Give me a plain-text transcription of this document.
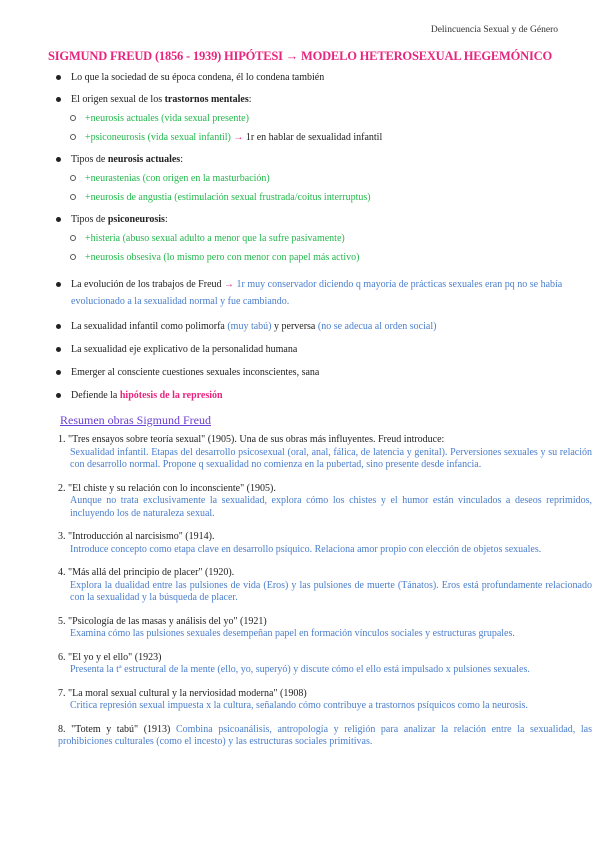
Delincuencia Sexual y de Género
SIGMUND FREUD (1856 - 1939) HIPÓTESI → MODELO HETEROSEXUAL HEGEMÓNICO
Lo que la sociedad de su época condena, él lo condena también
El origen sexual de los trastornos mentales:
+neurosis actuales (vida sexual presente)
+psiconeurosis (vida sexual infantil) → 1r en hablar de sexualidad infantil
Tipos de neurosis actuales:
+neurastenias (con origen en la masturbación)
+neurosis de angustia (estimulación sexual frustrada/coitus interruptus)
Tipos de psiconeurosis:
+histeria (abuso sexual adulto a menor que la sufre pasivamente)
+neurosis obsesiva (lo mismo pero con menor con papel más activo)
La evolución de los trabajos de Freud → 1r muy conservador diciendo q mayoría de prácticas sexuales eran pq no se había evolucionado a la sexualidad normal y fue cambiando.
La sexualidad infantil como polimorfa (muy tabú) y perversa (no se adecua al orden social)
La sexualidad eje explicativo de la personalidad humana
Emerger al consciente cuestiones sexuales inconscientes, sana
Defiende la hipótesis de la represión
Resumen obras Sigmund Freud
1. "Tres ensayos sobre teoría sexual" (1905). Una de sus obras más influyentes. Freud introduce:
Sexualidad infantil. Etapas del desarrollo psicosexual (oral, anal, fálica, de latencia y genital). Perversiones sexuales y su relación con desarrollo normal. Propone q sexualidad no comienza en la pubertad, sino presente desde infancia.
2. "El chiste y su relación con lo inconsciente" (1905).
Aunque no trata exclusivamente la sexualidad, explora cómo los chistes y el humor están vinculados a deseos reprimidos, incluyendo los de naturaleza sexual.
3. "Introducción al narcisismo" (1914).
Introduce concepto como etapa clave en desarrollo psíquico. Relaciona amor propio con elección de objetos sexuales.
4. "Más allá del principio de placer" (1920).
Explora la dualidad entre las pulsiones de vida (Eros) y las pulsiones de muerte (Tánatos). Eros está profundamente relacionado con la sexualidad y la búsqueda de placer.
5. "Psicología de las masas y análisis del yo" (1921)
Examina cómo las pulsiones sexuales desempeñan papel en formación vínculos sociales y estructuras grupales.
6. "El yo y el ello" (1923)
Presenta la tª estructural de la mente (ello, yo, superyó) y discute cómo el ello está impulsado x pulsiones sexuales.
7. "La moral sexual cultural y la nerviosidad moderna" (1908)
Critica represión sexual impuesta x la cultura, señalando cómo contribuye a trastornos psíquicos como la neurosis.
8. "Totem y tabú" (1913) Combina psicoanálisis, antropología y religión para analizar la relación entre la sexualidad, las prohibiciones culturales (como el incesto) y las estructuras sociales primitivas.
